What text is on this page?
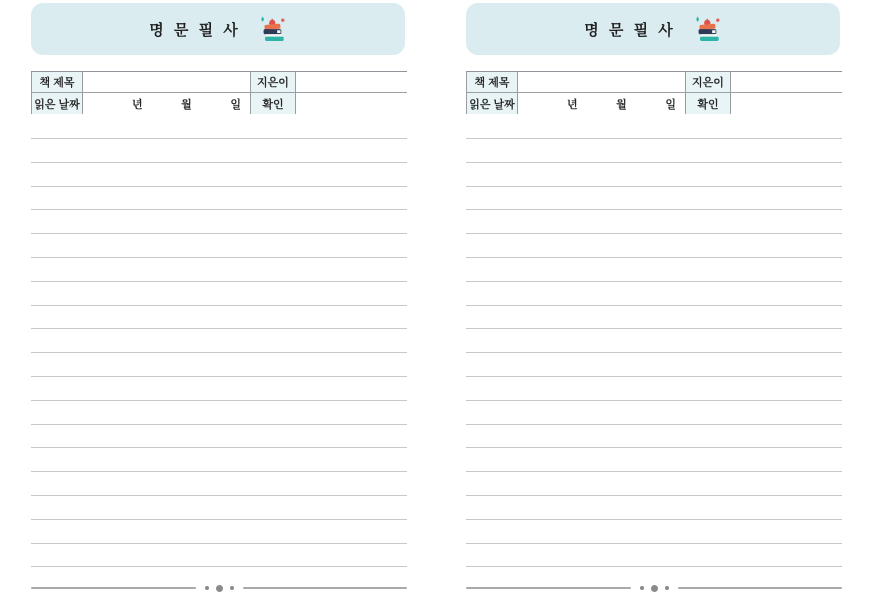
명 문 필 사
책 제목	지은이
읽은 날짜	년	월	일	확인
명 문 필 사
책 제목	지은이
읽은 날짜	년	월	일	확인
